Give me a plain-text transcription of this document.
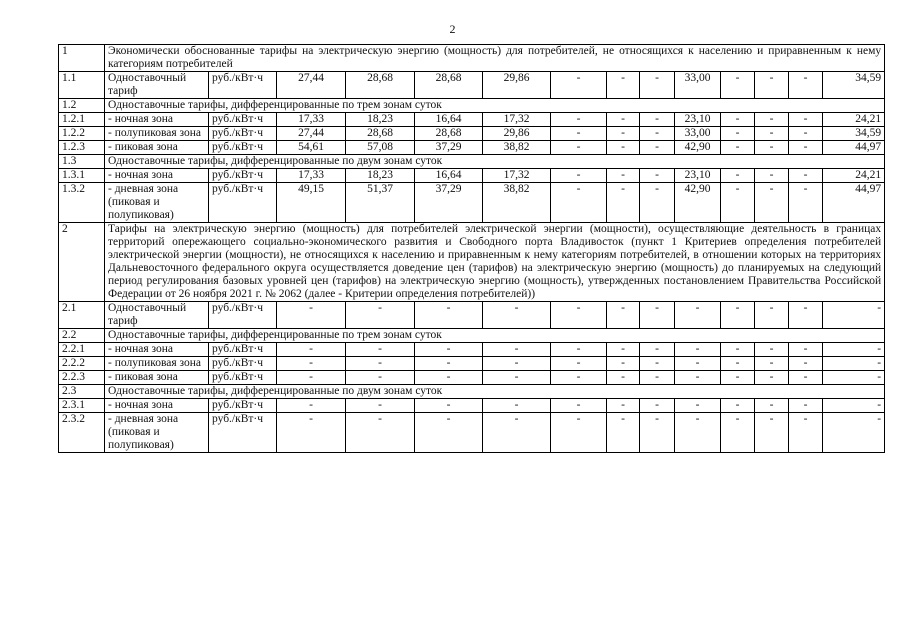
2
1	Экономически обоснованные тарифы на электрическую энергию (мощность) для потребителей, не относящихся к населению и приравненным к нему категориям потребителей													
1.1	Одноставочный тариф	руб./кВт·ч	27,44	28,68	28,68	29,86	-	-	-	33,00	-	-	-	34,59
1.2	Одноставочные тарифы, дифференцированные по трем зонам суток													
1.2.1	- ночная зона	руб./кВт·ч	17,33	18,23	16,64	17,32	-	-	-	23,10	-	-	-	24,21
1.2.2	- полупиковая зона	руб./кВт·ч	27,44	28,68	28,68	29,86	-	-	-	33,00	-	-	-	34,59
1.2.3	- пиковая зона	руб./кВт·ч	54,61	57,08	37,29	38,82	-	-	-	42,90	-	-	-	44,97
1.3	Одноставочные тарифы, дифференцированные по двум зонам суток													
1.3.1	- ночная зона	руб./кВт·ч	17,33	18,23	16,64	17,32	-	-	-	23,10	-	-	-	24,21
1.3.2	- дневная зона (пиковая и полупиковая)	руб./кВт·ч	49,15	51,37	37,29	38,82	-	-	-	42,90	-	-	-	44,97
2	Тарифы на электрическую энергию (мощность) для потребителей электрической энергии (мощности), осуществляющие деятельность в границах территорий опережающего социально-экономического развития и Свободного порта Владивосток (пункт 1 Критериев определения потребителей электрической энергии (мощности), не относящихся к населению и приравненным к нему категориям потребителей, в отношении которых на территориях Дальневосточного федерального округа осуществляется доведение цен (тарифов) на электрическую энергию (мощность) до планируемых на следующий период регулирования базовых уровней цен (тарифов) на электрическую энергию (мощность), утвержденных постановлением Правительства Российской Федерации от 26 ноября 2021 г. № 2062 (далее - Критерии определения потребителей))													
2.1	Одноставочный тариф	руб./кВт·ч	-	-	-	-	-	-	-	-	-	-	-	-
2.2	Одноставочные тарифы, дифференцированные по трем зонам суток													
2.2.1	- ночная зона	руб./кВт·ч	-	-	-	-	-	-	-	-	-	-	-	-
2.2.2	- полупиковая зона	руб./кВт·ч	-	-	-	-	-	-	-	-	-	-	-	-
2.2.3	- пиковая зона	руб./кВт·ч	-	-	-	-	-	-	-	-	-	-	-	-
2.3	Одноставочные тарифы, дифференцированные по двум зонам суток													
2.3.1	- ночная зона	руб./кВт·ч	-	-	-	-	-	-	-	-	-	-	-	-
2.3.2	- дневная зона (пиковая и полупиковая)	руб./кВт·ч	-	-	-	-	-	-	-	-	-	-	-	-
